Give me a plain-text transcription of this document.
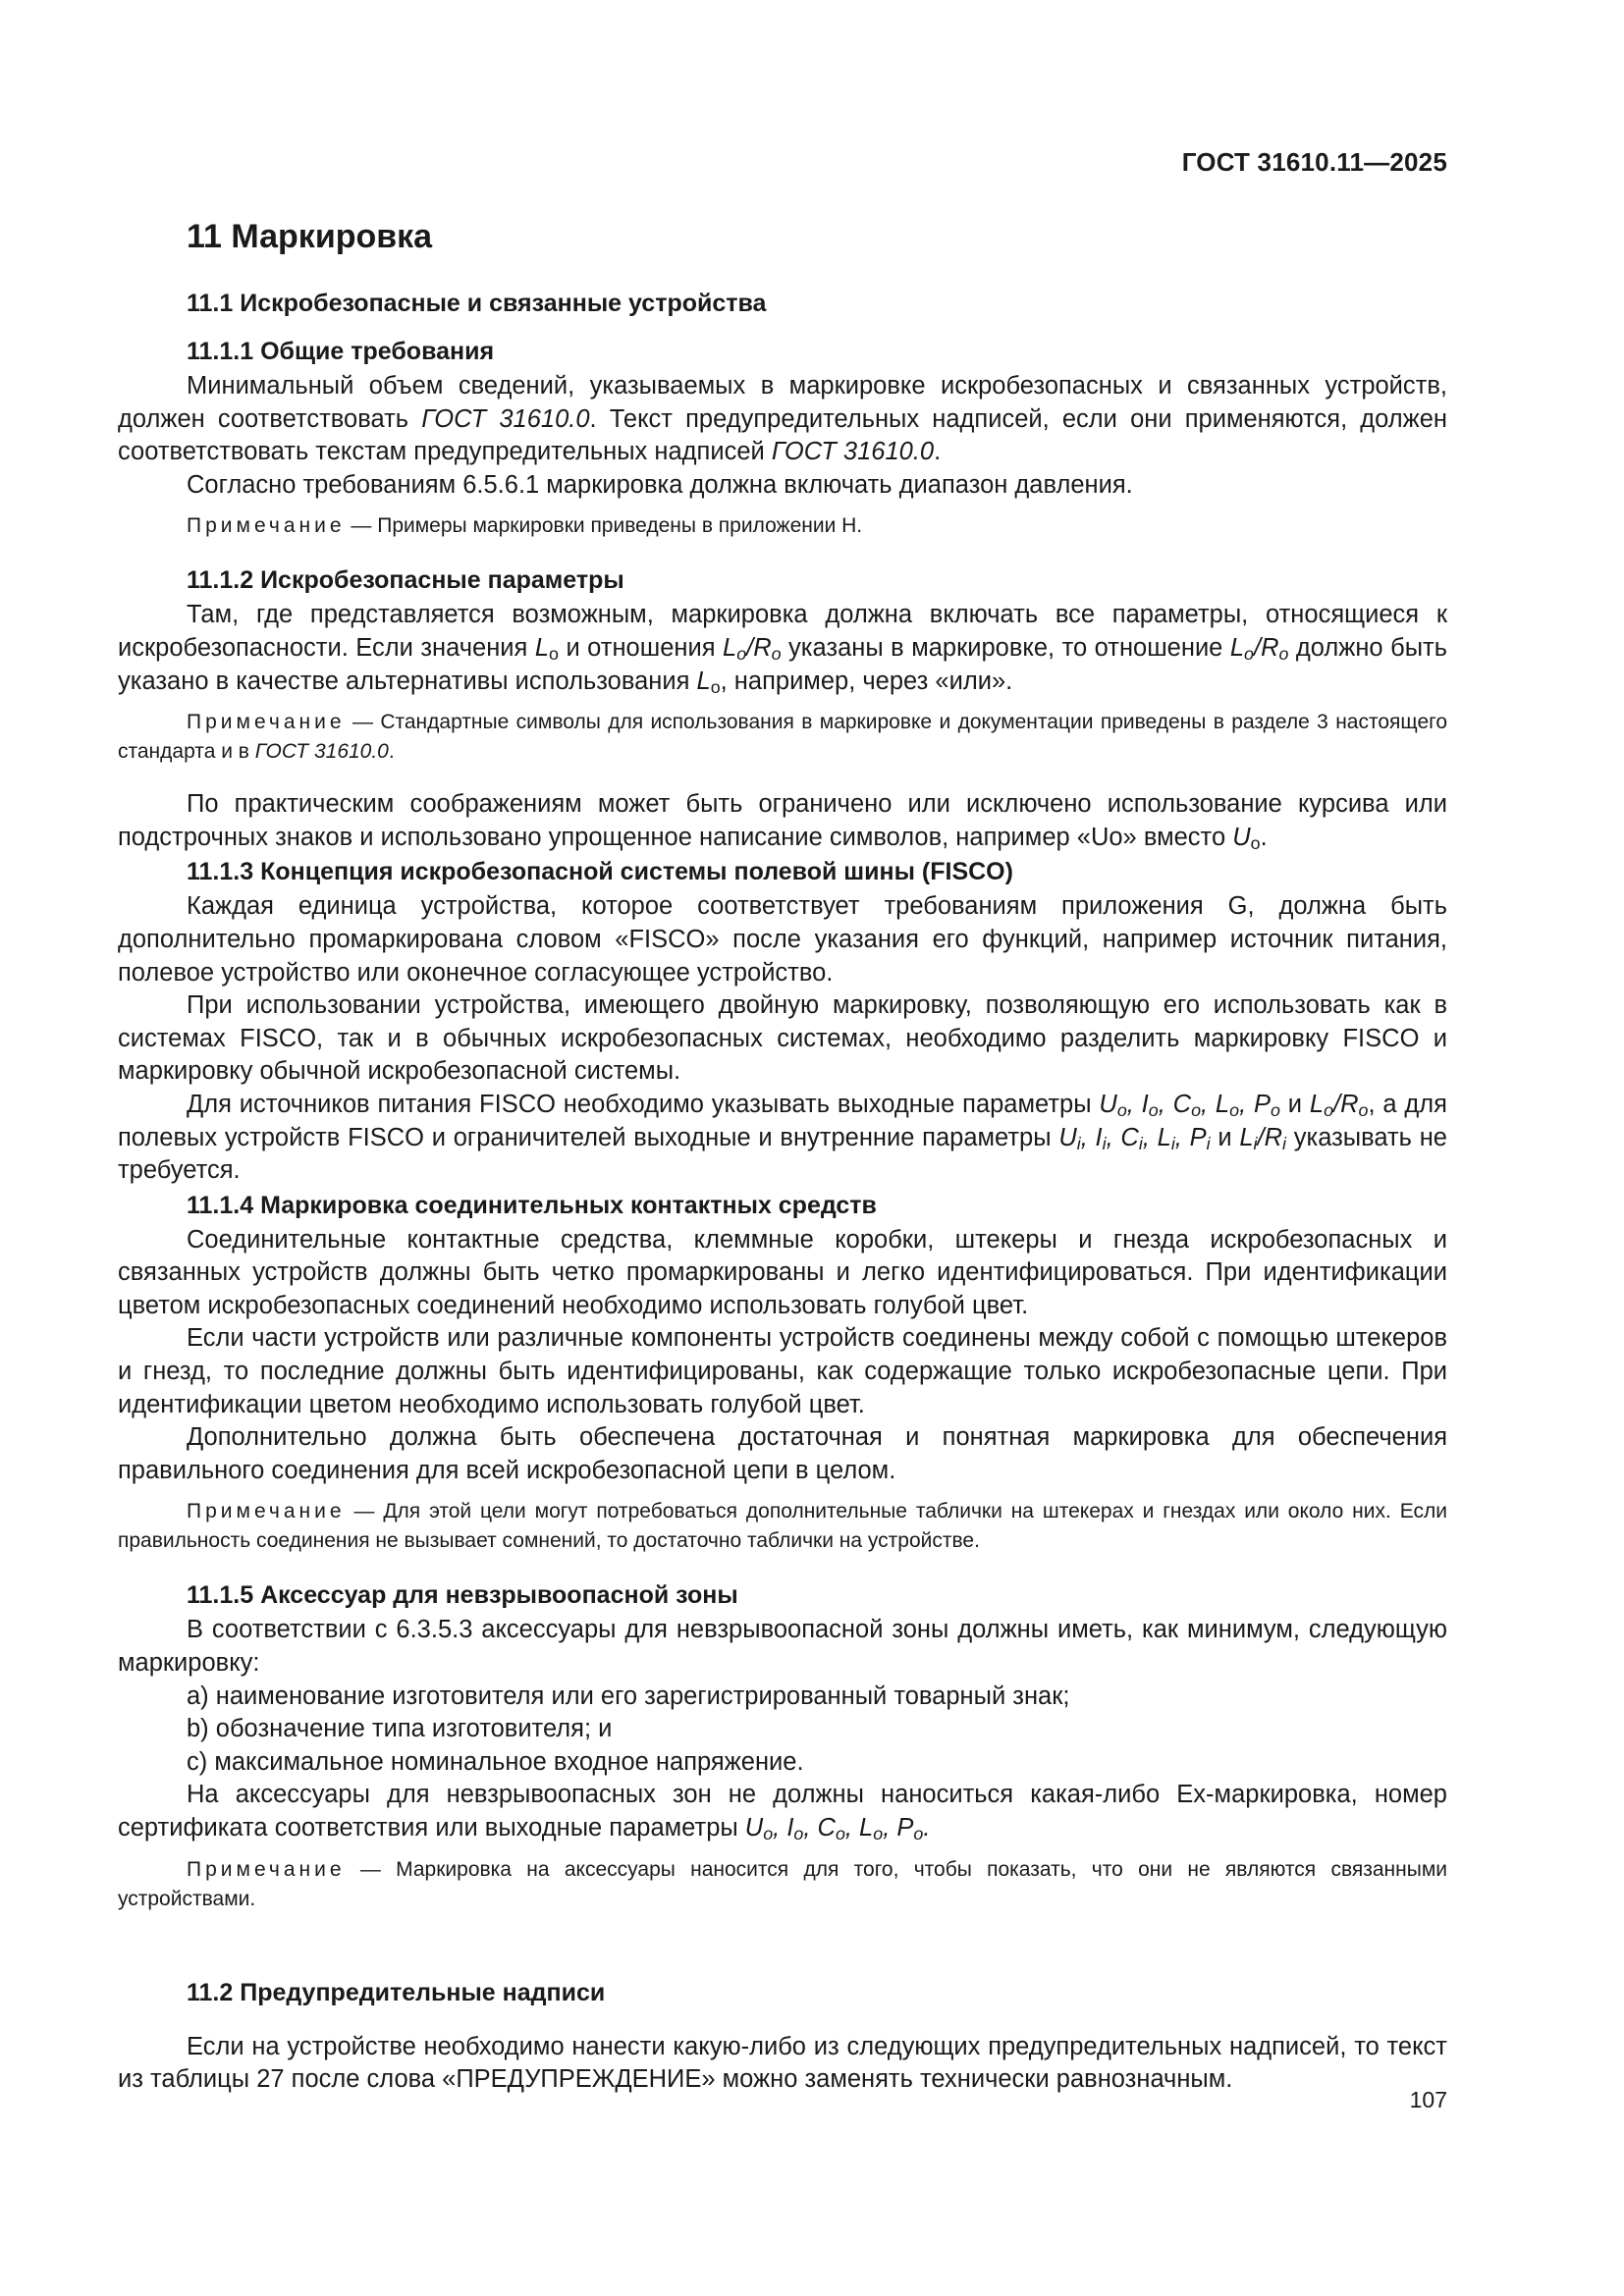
ГОСТ 31610.11—2025
11 Маркировка
11.1 Искробезопасные и связанные устройства
11.1.1 Общие требования

Минимальный объем сведений, указываемых в маркировке искробезопасных и связанных устройств, должен соответствовать ГОСТ 31610.0. Текст предупредительных надписей, если они применяются, должен соответствовать текстам предупредительных надписей ГОСТ 31610.0.

Согласно требованиям 6.5.6.1 маркировка должна включать диапазон давления.

Примечание — Примеры маркировки приведены в приложении H.

11.1.2 Искробезопасные параметры

Там, где представляется возможным, маркировка должна включать все параметры, относящиеся к искробезопасности. Если значения $L_o$ и отношения $L_o/R_o$ указаны в маркировке, то отношение $L_o/R_o$ должно быть указано в качестве альтернативы использования $L_o$, например, через «или».

Примечание — Стандартные символы для использования в маркировке и документации приведены в разделе 3 настоящего стандарта и в ГОСТ 31610.0.

По практическим соображениям может быть ограничено или исключено использование курсива или подстрочных знаков и использовано упрощенное написание символов, например «Uo» вместо $U_o$.

11.1.3 Концепция искробезопасной системы полевой шины (FISCO)

Каждая единица устройства, которое соответствует требованиям приложения G, должна быть дополнительно промаркирована словом «FISCO» после указания его функций, например источник питания, полевое устройство или оконечное согласующее устройство.

При использовании устройства, имеющего двойную маркировку, позволяющую его использовать как в системах FISCO, так и в обычных искробезопасных системах, необходимо разделить маркировку FISCO и маркировку обычной искробезопасной системы.

Для источников питания FISCO необходимо указывать выходные параметры $U_o$, $I_o$, $C_o$, $L_o$, $P_o$ и $L_o/R_o$, а для полевых устройств FISCO и ограничителей выходные и внутренние параметры $U_i$, $I_i$, $C_i$, $L_i$, $P_i$ и $L_i/R_i$ указывать не требуется.

11.1.4 Маркировка соединительных контактных средств

Соединительные контактные средства, клеммные коробки, штекеры и гнезда искробезопасных и связанных устройств должны быть четко промаркированы и легко идентифицироваться. При идентификации цветом искробезопасных соединений необходимо использовать голубой цвет.

Если части устройств или различные компоненты устройств соединены между собой с помощью штекеров и гнезд, то последние должны быть идентифицированы, как содержащие только искробезопасные цепи. При идентификации цветом необходимо использовать голубой цвет.

Дополнительно должна быть обеспечена достаточная и понятная маркировка для обеспечения правильного соединения для всей искробезопасной цепи в целом.

Примечание — Для этой цели могут потребоваться дополнительные таблички на штекерах и гнездах или около них. Если правильность соединения не вызывает сомнений, то достаточно таблички на устройстве.

11.1.5 Аксессуар для невзрывоопасной зоны

В соответствии с 6.3.5.3 аксессуары для невзрывоопасной зоны должны иметь, как минимум, следующую маркировку:

a) наименование изготовителя или его зарегистрированный товарный знак;
b) обозначение типа изготовителя; и
c) максимальное номинальное входное напряжение.

На аксессуары для невзрывоопасных зон не должны наноситься какая-либо Ex-маркировка, номер сертификата соответствия или выходные параметры $U_o$, $I_o$, $C_o$, $L_o$, $P_o$.

Примечание — Маркировка на аксессуары наносится для того, чтобы показать, что они не являются связанными устройствами.

11.2 Предупредительные надписи

Если на устройстве необходимо нанести какую-либо из следующих предупредительных надписей, то текст из таблицы 27 после слова «ПРЕДУПРЕЖДЕНИЕ» можно заменять технически равнозначным.

107
